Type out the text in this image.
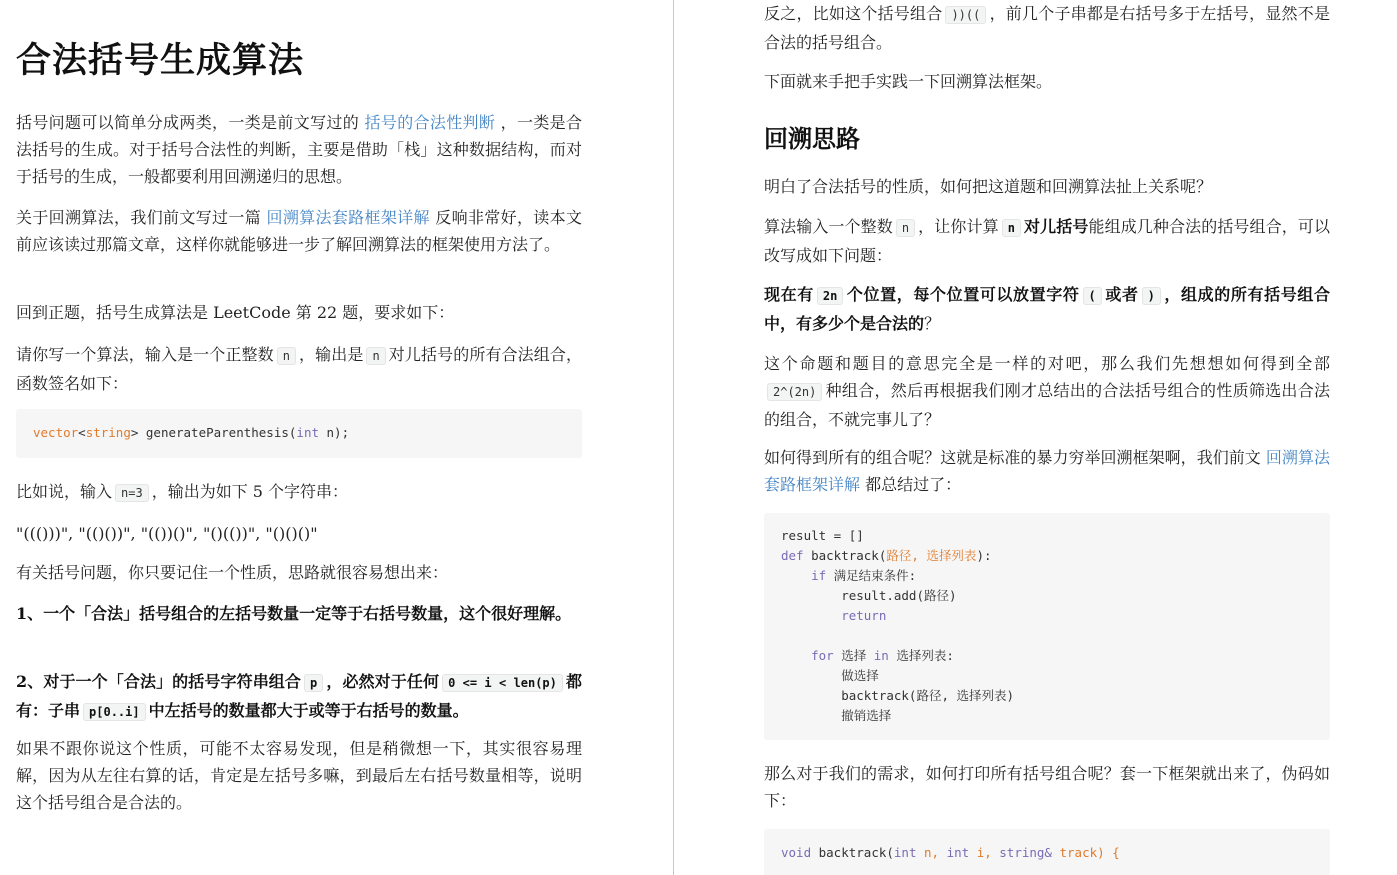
合法括号生成算法

括号问题可以简单分成两类，一类是前文写过的 括号的合法性判断 ，一类是合法括号的生成。对于括号合法性的判断，主要是借助「栈」这种数据结构，而对于括号的生成，一般都要利用回溯递归的思想。

关于回溯算法，我们前文写过一篇 回溯算法套路框架详解 反响非常好，读本文前应该读过那篇文章，这样你就能够进一步了解回溯算法的框架使用方法了。

回到正题，括号生成算法是 LeetCode 第 22 题，要求如下：

请你写一个算法，输入是一个正整数 n ，输出是 n 对儿括号的所有合法组合，函数签名如下：

vector<string> generateParenthesis(int n);

比如说，输入 n=3 ，输出为如下 5 个字符串：

"((()))", "(()())", "(())()", "()(())", "()()()"

有关括号问题，你只要记住一个性质，思路就很容易想出来：

1、一个「合法」括号组合的左括号数量一定等于右括号数量，这个很好理解。

2、对于一个「合法」的括号字符串组合 p ，必然对于任何 0 <= i < len(p) 都有：子串 p[0..i] 中左括号的数量都大于或等于右括号的数量。

如果不跟你说这个性质，可能不太容易发现，但是稍微想一下，其实很容易理解，因为从左往右算的话，肯定是左括号多嘛，到最后左右括号数量相等，说明这个括号组合是合法的。

反之，比如这个括号组合 ))(( ，前几个子串都是右括号多于左括号，显然不是合法的括号组合。

下面就来手把手实践一下回溯算法框架。

回溯思路

明白了合法括号的性质，如何把这道题和回溯算法扯上关系呢？

算法输入一个整数 n ，让你计算 n 对儿括号能组成几种合法的括号组合，可以改写成如下问题：

现在有 2n 个位置，每个位置可以放置字符 ( 或者 ) ，组成的所有括号组合中，有多少个是合法的？

这个命题和题目的意思完全是一样的对吧，那么我们先想想如何得到全部2^(2n) 种组合，然后再根据我们刚才总结出的合法括号组合的性质筛选出合法的组合，不就完事儿了？

如何得到所有的组合呢？这就是标准的暴力穷举回溯框架啊，我们前文 回溯算法套路框架详解 都总结过了：

result = []
def backtrack(路径, 选择列表):
if 满足结束条件:
result.add(路径)
return

for 选择 in 选择列表:
做选择
backtrack(路径, 选择列表)
撤销选择

那么对于我们的需求，如何打印所有括号组合呢？套一下框架就出来了，伪码如下：

void backtrack(int n, int i, string& track) {
